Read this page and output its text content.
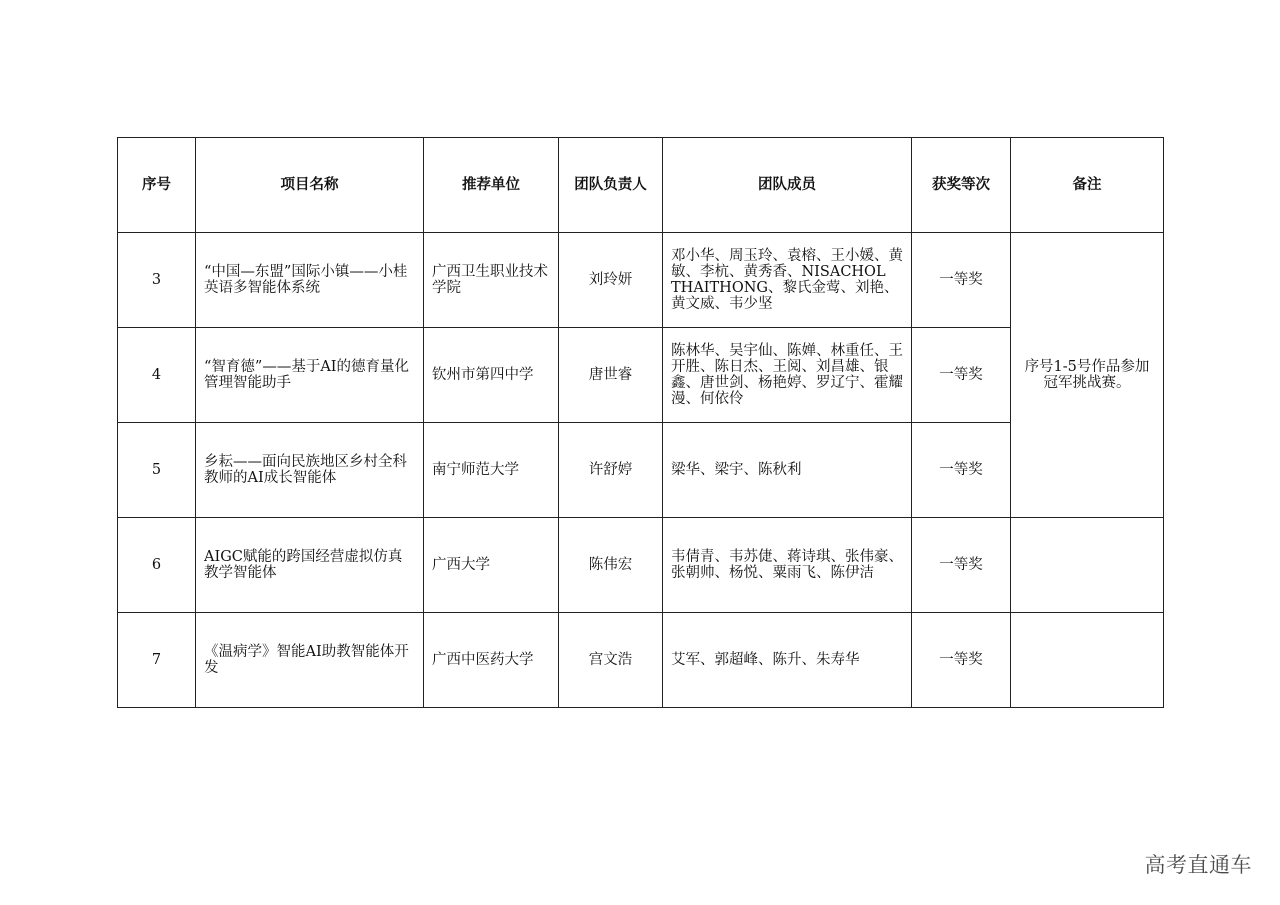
序号	项目名称	推荐单位	团队负责人	团队成员	获奖等次	备注
3	“中国—东盟”国际小镇——小桂英语多智能体系统	广西卫生职业技术学院	刘玲妍	邓小华、周玉玲、袁榕、王小媛、黄敏、李杭、黄秀香、NISACHOL THAITHONG、黎氏金莺、刘艳、黄文威、韦少坚	一等奖	序号1-5号作品参加冠军挑战赛。
4	“智育德”——基于AI的德育量化管理智能助手	钦州市第四中学	唐世睿	陈林华、吴宇仙、陈婵、林重任、王开胜、陈日杰、王阅、刘昌雄、银鑫、唐世剑、杨艳婷、罗辽宁、霍耀漫、何依伶	一等奖	
5	乡耘——面向民族地区乡村全科教师的AI成长智能体	南宁师范大学	许舒婷	梁华、梁宇、陈秋利	一等奖	
6	AIGC赋能的跨国经营虚拟仿真教学智能体	广西大学	陈伟宏	韦倩青、韦苏倢、蒋诗琪、张伟豪、张朝帅、杨悦、粟雨飞、陈伊洁	一等奖	
7	《温病学》智能AI助教智能体开发	广西中医药大学	宫文浩	艾军、郭超峰、陈升、朱寿华	一等奖	
高考直通车
